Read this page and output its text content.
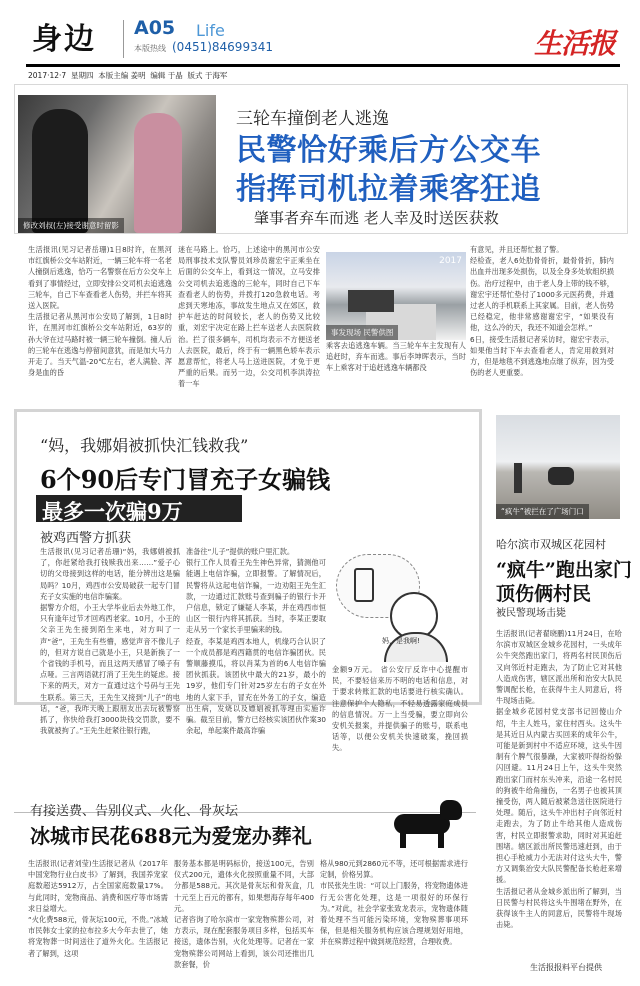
身边 A05 Life
本版热线 (0451)84699341	生活报
2017·12·7  星期四  本版主编 姜明  编辑 于晶  版式 于海军
修改刘叔(左)接受谢意时留影
三轮车撞倒老人逃逸
民警恰好乘后方公交车
指挥司机拉着乘客狂追
肇事者弃车而逃 老人幸及时送医获救
生活报讯(见习记者岳珊)1日8时许，在黑河市红旗桥公交车站附近，一辆三轮车将一名老人撞倒后逃逸，恰巧一名警察在后方公交车上看到了事情经过，立即安排公交司机去追逃逸三轮车，自己下车查看老人伤势，并拦车将其送入医院。
生活报记者从黑河市公安局了解到，1日8时许，在黑河市红旗桥公交车站附近，63岁的孙大爷在过马路时被一辆三轮车撞倒。撞人后的三轮车在逃逸与停留间意犹，而是加大马力开走了。当天气温-20℃左右，老人满脸、浑身是血的昏
迷在马路上。恰巧，上述途中的黑河市公安局刑事技术支队警员刘珍员谢宏宇正乘坐在后面的公交车上，看到这一情况，立马安排公交司机去追逃逸的三轮车，同时自己下车查看老人的伤势，并拨打120急救电话。考虑到天寒地冻，事故发生地点又在郊区，救护车赶达的时间较长，老人的伤势又比较重，刘宏宇决定在路上拦车送老人去医院救治。拦了很多辆车，司机均表示不方便送老人去医院，最后，终于有一辆黑色轿车表示愿意帮忙，将老人马上送进医院，才免于更严重的后果。而另一边，公交司机李洪涛拉着一车
2017
事发现场 民警供图
乘客去追逃逸车辆。当三轮车车主发现有人追赶时，弃车而逃。事后李坤晖表示，当时车上乘客对于追赶逃逸车辆都没
有意见，并且还帮忙报了警。
经检查，老人6处肋骨骨折，最骨骨折，肺内出血并出现多处损伤，以及全身多处软组织损伤。治疗过程中，由于老人身上带的钱不够，谢宏宇还帮忙垫付了1000多元医药费，并通过老人的手机联系上其家属。目前，老人伤势已经稳定，他非常感谢谢宏宇，“如果没有他，这么冷的天，我还不知道会怎样。”
6日，接受生活报记者采访时，谢宏宇表示，如果他当时下车去查看老人，肯定用救到对方，但是地毯不到逃逸地点继了纵弃，因为受伤的老人更重要。
“妈，我娜娟被抓快汇钱救我”
6个90后专门冒充子女骗钱
最多一次骗9万
被鸡西警方抓获
妈，是我啊!
生活报讯(见习记者岳珊)“妈，我娜娟被抓了，你赶紧给我打钱赎我出来……”爱子心切的父母接到这样的电话，能分辨出这是骗局吗？10月，鸡西市公安局破获一起专门冒充子女实施的电信诈骗案。
据警方介绍，小王大学毕业后去外地工作，只有逢年过节才回鸡西老家。10月，小王的父亲王先生接到陌生来电，对方叫了一声“爸”，王先生有些懵，感觉声音不像儿子的，但对方说自己就是小王，只是新换了一个省钱的手机号，而且这两天感冒了嗓子有点哑。三言两语就打消了王先生的疑虑。接下来的两天，对方一直通过这个号码与王先生联系。第三天，王先生又接到“儿子”的电话，“爸，我昨天晚上跟朋友出去玩被警察抓了，你快给我打3000块钱交罚款，要不我就被拘了。”王先生赶紧往银行跑，
准备往“儿子”提供的账户里汇款。
银行工作人员看王先生神色异常，猜测他可能遇上电信诈骗，立即报警。了解情况后，民警将从这起电信诈骗，一边劝阻王先生汇款，一边通过汇款账号查到骗子的银行卡开户信息，锁定了嫌疑人李某，并在鸡西市恒山区一银行内将其抓获。当时，李某正要取走从另一个家长手里骗来的钱。
经查，李某是鸡西本地人，机缘巧合认识了一个成员都是鸡西籍贯的电信诈骗团伙。民警顺藤摸瓜，将以肖某为首的6人电信诈骗团伙抓获。该团伙中最大的21岁，最小的19岁，他们专门针对25岁左右的子女在外地的人家下手，冒充在外务工的子女，编造出生病，发烧以及嫖娼被抓等理由实施诈骗。截至目前，警方已经核实该团伙作案30余起，单起案件最高诈骗
金额9万元。 省公安厅反诈中心提醒市民，不要轻信来历不明的电话和信息，对于要求转账汇款的电话要进行核实确认。注意保护个人隐私，不轻易透露家庭成员的信息情况。万一上当受骗，要立即向公安机关报案，并提供骗子的账号，联系电话等，以便公安机关快速破案，挽回损失。
“疯牛”被拦在了广场门口
哈尔滨市双城区花园村
“疯牛”跑出家门
顶伤俩村民
被民警现场击毙
生活报讯(记者翟晓鹏)11月24日，在哈尔滨市双城区金城乡花园村，一头成年公牛突然跑出家门，将两名村民顶伤后又向邻近村走跑去，为了防止它对其他人造成伤害，辖区派出所和治安大队民警调配长枪，在获得牛主人同意后，将牛现场击毙。
据金城乡花园村党支部书记回傻山介绍，牛主人姓马，家住村西头。这头牛是其近日从内蒙古买回来的成年公牛，可能是新到村中不适应环境，这头牛因制有个脾气很暴躁，大家被吓得纷纷躲闪回避。11月24日上午，这头牛突然跑出家门而村东头冲来，沿途一名村民的狗被牛给角撞伤，一名男子也被其顶撞受伤，两人随后被紧急送往医院进行处理。随后，这头牛冲出村子向邻近村走跑去，为了防止牛给其他人造成伤害，村民立即报警求助，同时对其追赶围堵。辖区派出所民警迅速赶到，由于担心手枪威力小无法对付这头大牛，警方又调集治安大队民警配备长枪赶来增援。
生活报记者从金城乡派出所了解到，当日民警与村民将这头牛围堵在野外，在获得该牛主人的同意后，民警将牛现场击毙。
有接送费、告别仪式、火化、骨灰坛
冰城市民花688元为爱宠办葬礼
生活报讯(记者刘莹)生活报记者从《2017年中国宠物行业白皮书》了解到，我国养宠家庭数超达5912万，占全国家庭数量17%。与此同时，宠物商品、消费和医疗等市场需求日益增大。
“火化费588元，骨灰坛100元，不贵。”冰城市民韩女士家的拉布拉多大今年去世了，她将宠物葬一时间送往了道外火化。生活报记者了解到，这项
服务基本都是明码标价，接送100元，告别仪式200元，遗体火化按照重量不同，大部分都是588元。其次是骨灰坛和骨灰盒，几十元至上百元的都有，如果想海存每年400元。
记者咨询了哈尔滨市一家宠物殡葬公司，对方表示，现在配套服务项目多样，包括买车接送，遗体告别，火化处理等。记者在一家宠物殡葬公司网站上看到，该公司还推出几款套餐，价
格从980元到2860元不等，还可根据需求进行定制，价格另算。
市民张先生说：“可以上门服务，将宠物遗体进行无公害化处理，这是一项很好的环保行为。”对此，社会学家张致龙表示，宠物遗体随着处理不当可能污染环境，宠物殡葬事项环保，但是相关服务机构应该合理规划好用地，并在殡葬过程中做到规范经营，合理收费。
生活报报料平台提供
